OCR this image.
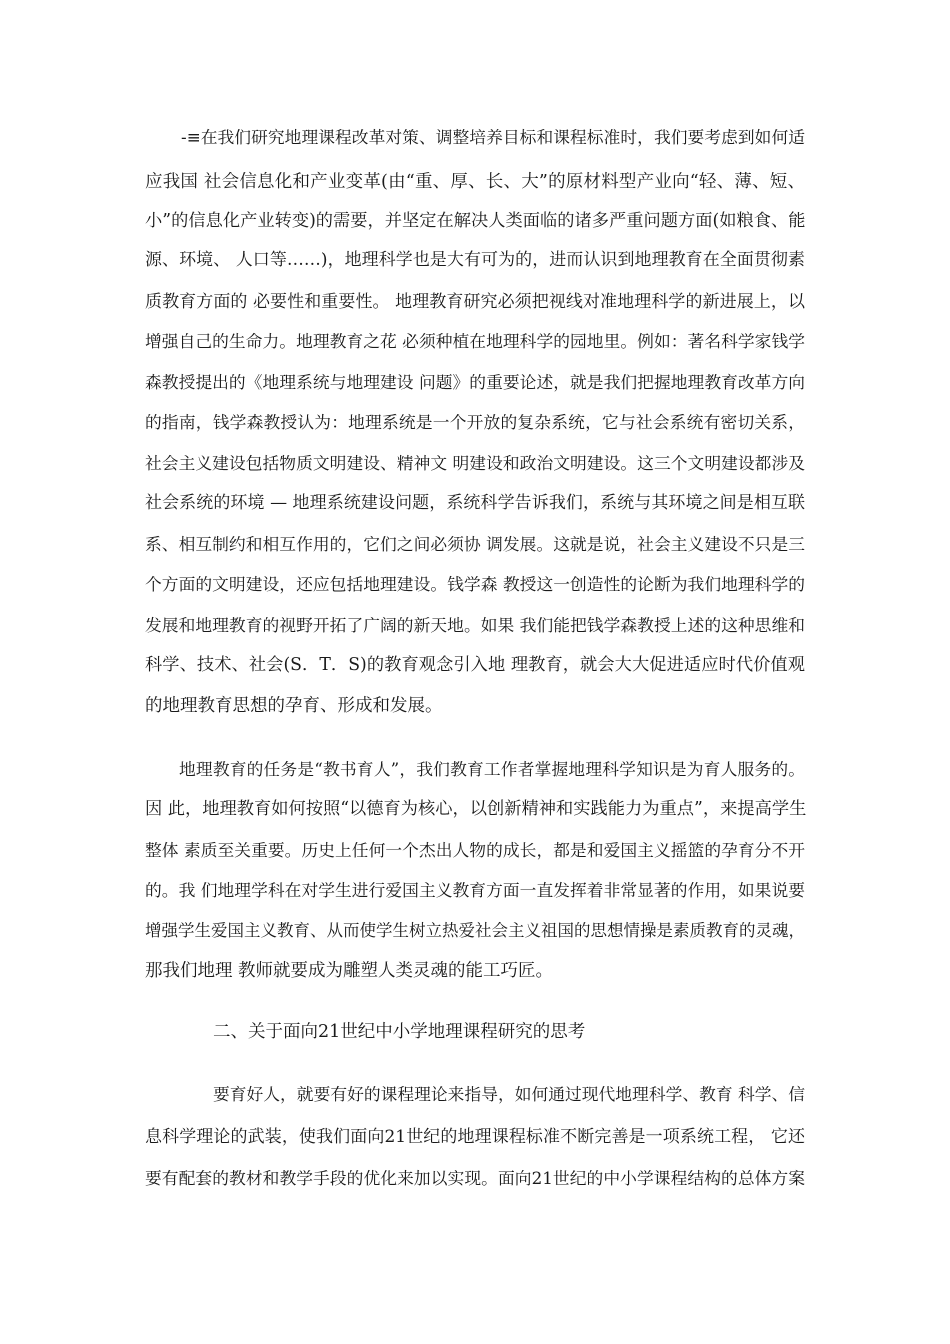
-≡在我们研究地理课程改革对策、调整培养目标和课程标准时，我们要考虑到如何适
应我国 社会信息化和产业变革(由“重、厚、长、大”的原材料型产业向“轻、薄、短、
小”的信息化产业转变)的需要，并坚定在解决人类面临的诸多严重问题方面(如粮食、能
源、环境、 人口等……)，地理科学也是大有可为的，进而认识到地理教育在全面贯彻素
质教育方面的 必要性和重要性。 地理教育研究必须把视线对准地理科学的新进展上，以
增强自己的生命力。地理教育之花 必须种植在地理科学的园地里。例如：著名科学家钱学
森教授提出的《地理系统与地理建设 问题》的重要论述，就是我们把握地理教育改革方向
的指南，钱学森教授认为：地理系统是一个开放的复杂系统，它与社会系统有密切关系，
社会主义建设包括物质文明建设、精神文 明建设和政治文明建设。这三个文明建设都涉及
社会系统的环境 — 地理系统建设问题，系统科学告诉我们，系统与其环境之间是相互联
系、相互制约和相互作用的，它们之间必须协 调发展。这就是说，社会主义建设不只是三
个方面的文明建设，还应包括地理建设。钱学森 教授这一创造性的论断为我们地理科学的
发展和地理教育的视野开拓了广阔的新天地。如果 我们能把钱学森教授上述的这种思维和
科学、技术、社会(S．T．S)的教育观念引入地 理教育，就会大大促进适应时代价值观
的地理教育思想的孕育、形成和发展。
地理教育的任务是“教书育人”，我们教育工作者掌握地理科学知识是为育人服务的。
因 此，地理教育如何按照“以德育为核心，以创新精神和实践能力为重点”，来提高学生
整体 素质至关重要。历史上任何一个杰出人物的成长，都是和爱国主义摇篮的孕育分不开
的。我 们地理学科在对学生进行爱国主义教育方面一直发挥着非常显著的作用，如果说要
增强学生爱国主义教育、从而使学生树立热爱社会主义祖国的思想情操是素质教育的灵魂，
那我们地理 教师就要成为雕塑人类灵魂的能工巧匠。
二、关于面向21世纪中小学地理课程研究的思考
要育好人，就要有好的课程理论来指导，如何通过现代地理科学、教育 科学、信
息科学理论的武装，使我们面向21世纪的地理课程标准不断完善是一项系统工程， 它还
要有配套的教材和教学手段的优化来加以实现。面向21世纪的中小学课程结构的总体方案
